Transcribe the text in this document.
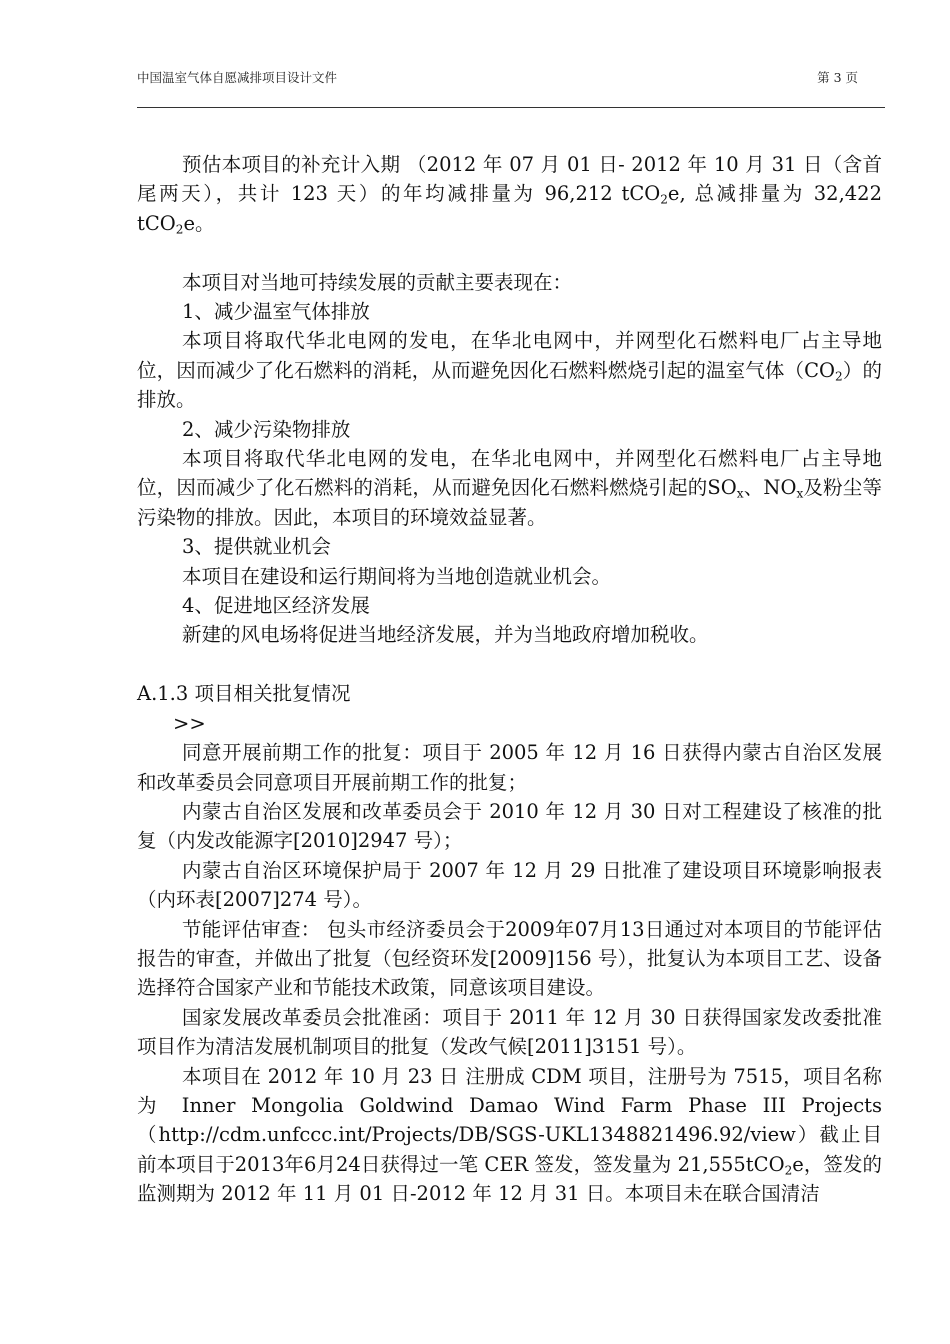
中国温室气体自愿减排项目设计文件	第 3 页

预估本项目的补充计入期 （2012 年 07 月 01 日- 2012 年 10 月 31 日（含首尾两天），共计 123 天）的年均减排量为 96,212 tCO$_2$e, 总减排量为 32,422 tCO$_2$e。

本项目对当地可持续发展的贡献主要表现在：

1、减少温室气体排放

本项目将取代华北电网的发电，在华北电网中，并网型化石燃料电厂占主导地位，因而减少了化石燃料的消耗，从而避免因化石燃料燃烧引起的温室气体$(CO_2)$的排放。

2、减少污染物排放

本项目将取代华北电网的发电，在华北电网中，并网型化石燃料电厂占主导地位，因而减少了化石燃料的消耗，从而避免因化石燃料燃烧引起的$SO_x$、$NO_x$及粉尘等污染物的排放。因此，本项目的环境效益显著。

3、提供就业机会

本项目在建设和运行期间将为当地创造就业机会。

4、促进地区经济发展

新建的风电场将促进当地经济发展，并为当地政府增加税收。

A.1.3 项目相关批复情况

>>

同意开展前期工作的批复：项目于 2005 年 12 月 16 日获得内蒙古自治区发展和改革委员会同意项目开展前期工作的批复；

内蒙古自治区发展和改革委员会于 2010 年 12 月 30 日对工程建设了核准的批复（内发改能源字[2010]2947 号）；

内蒙古自治区环境保护局于 2007 年 12 月 29 日批准了建设项目环境影响报表（内环表[2007]274 号）。

节能评估审查： 包头市经济委员会于2009年07月13日通过对本项目的节能评估报告的审查，并做出了批复（包经资环发[2009]156 号），批复认为本项目工艺、设备选择符合国家产业和节能技术政策，同意该项目建设。

国家发展改革委员会批准函：项目于 2011 年 12 月 30 日获得国家发改委批准项目作为清洁发展机制项目的批复（发改气候[2011]3151 号）。

本项目在 2012 年 10 月 23 日 注册成 CDM 项目，注册号为 7515，项目名称为 Inner Mongolia Goldwind Damao Wind Farm Phase III Projects（http://cdm.unfccc.int/Projects/DB/SGS-UKL1348821496.92/view）截止目前本项目于2013年6月24日获得过一笔 CER 签发，签发量为 21,555tCO$_2$e，签发的监测期为 2012 年 11 月 01 日-2012 年 12 月 31 日。本项目未在联合国清洁
